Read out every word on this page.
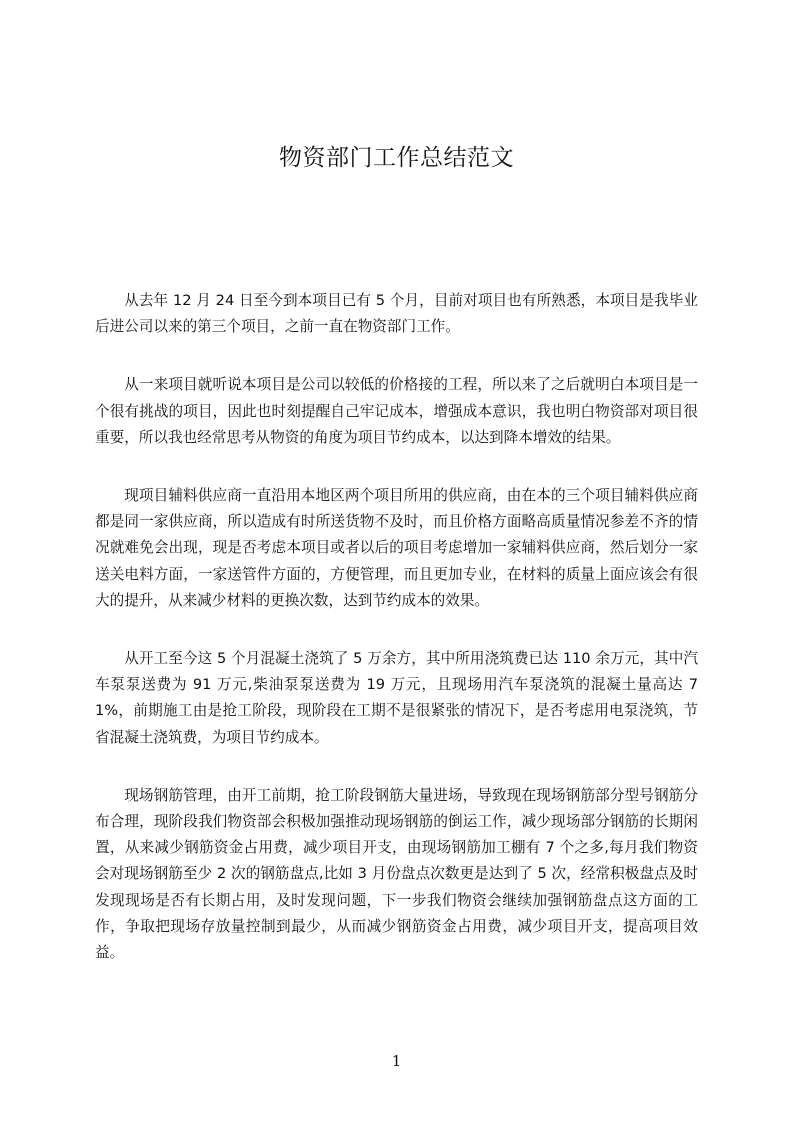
物资部门工作总结范文

从去年 12 月 24 日至今到本项目已有 5 个月，目前对项目也有所熟悉，本项目是我毕业后进公司以来的第三个项目，之前一直在物资部门工作。

从一来项目就听说本项目是公司以较低的价格接的工程，所以来了之后就明白本项目是一个很有挑战的项目，因此也时刻提醒自己牢记成本，增强成本意识，我也明白物资部对项目很重要，所以我也经常思考从物资的角度为项目节约成本，以达到降本增效的结果。

现项目辅料供应商一直沿用本地区两个项目所用的供应商，由在本的三个项目辅料供应商都是同一家供应商，所以造成有时所送货物不及时，而且价格方面略高质量情况参差不齐的情况就难免会出现，现是否考虑本项目或者以后的项目考虑增加一家辅料供应商，然后划分一家送关电料方面，一家送管件方面的，方便管理，而且更加专业，在材料的质量上面应该会有很大的提升，从来减少材料的更换次数，达到节约成本的效果。

从开工至今这 5 个月混凝土浇筑了 5 万余方，其中所用浇筑费已达 110 余万元，其中汽车泵泵送费为 91 万元,柴油泵泵送费为 19 万元，且现场用汽车泵浇筑的混凝土量高达 71%，前期施工由是抢工阶段，现阶段在工期不是很紧张的情况下，是否考虑用电泵浇筑，节省混凝土浇筑费，为项目节约成本。

现场钢筋管理，由开工前期，抢工阶段钢筋大量进场，导致现在现场钢筋部分型号钢筋分布合理，现阶段我们物资部会积极加强推动现场钢筋的倒运工作，减少现场部分钢筋的长期闲置，从来减少钢筋资金占用费，减少项目开支，由现场钢筋加工棚有 7 个之多,每月我们物资会对现场钢筋至少 2 次的钢筋盘点,比如 3 月份盘点次数更是达到了 5 次，经常积极盘点及时发现现场是否有长期占用，及时发现问题，下一步我们物资会继续加强钢筋盘点这方面的工作，争取把现场存放量控制到最少，从而减少钢筋资金占用费，减少项目开支，提高项目效益。

1
